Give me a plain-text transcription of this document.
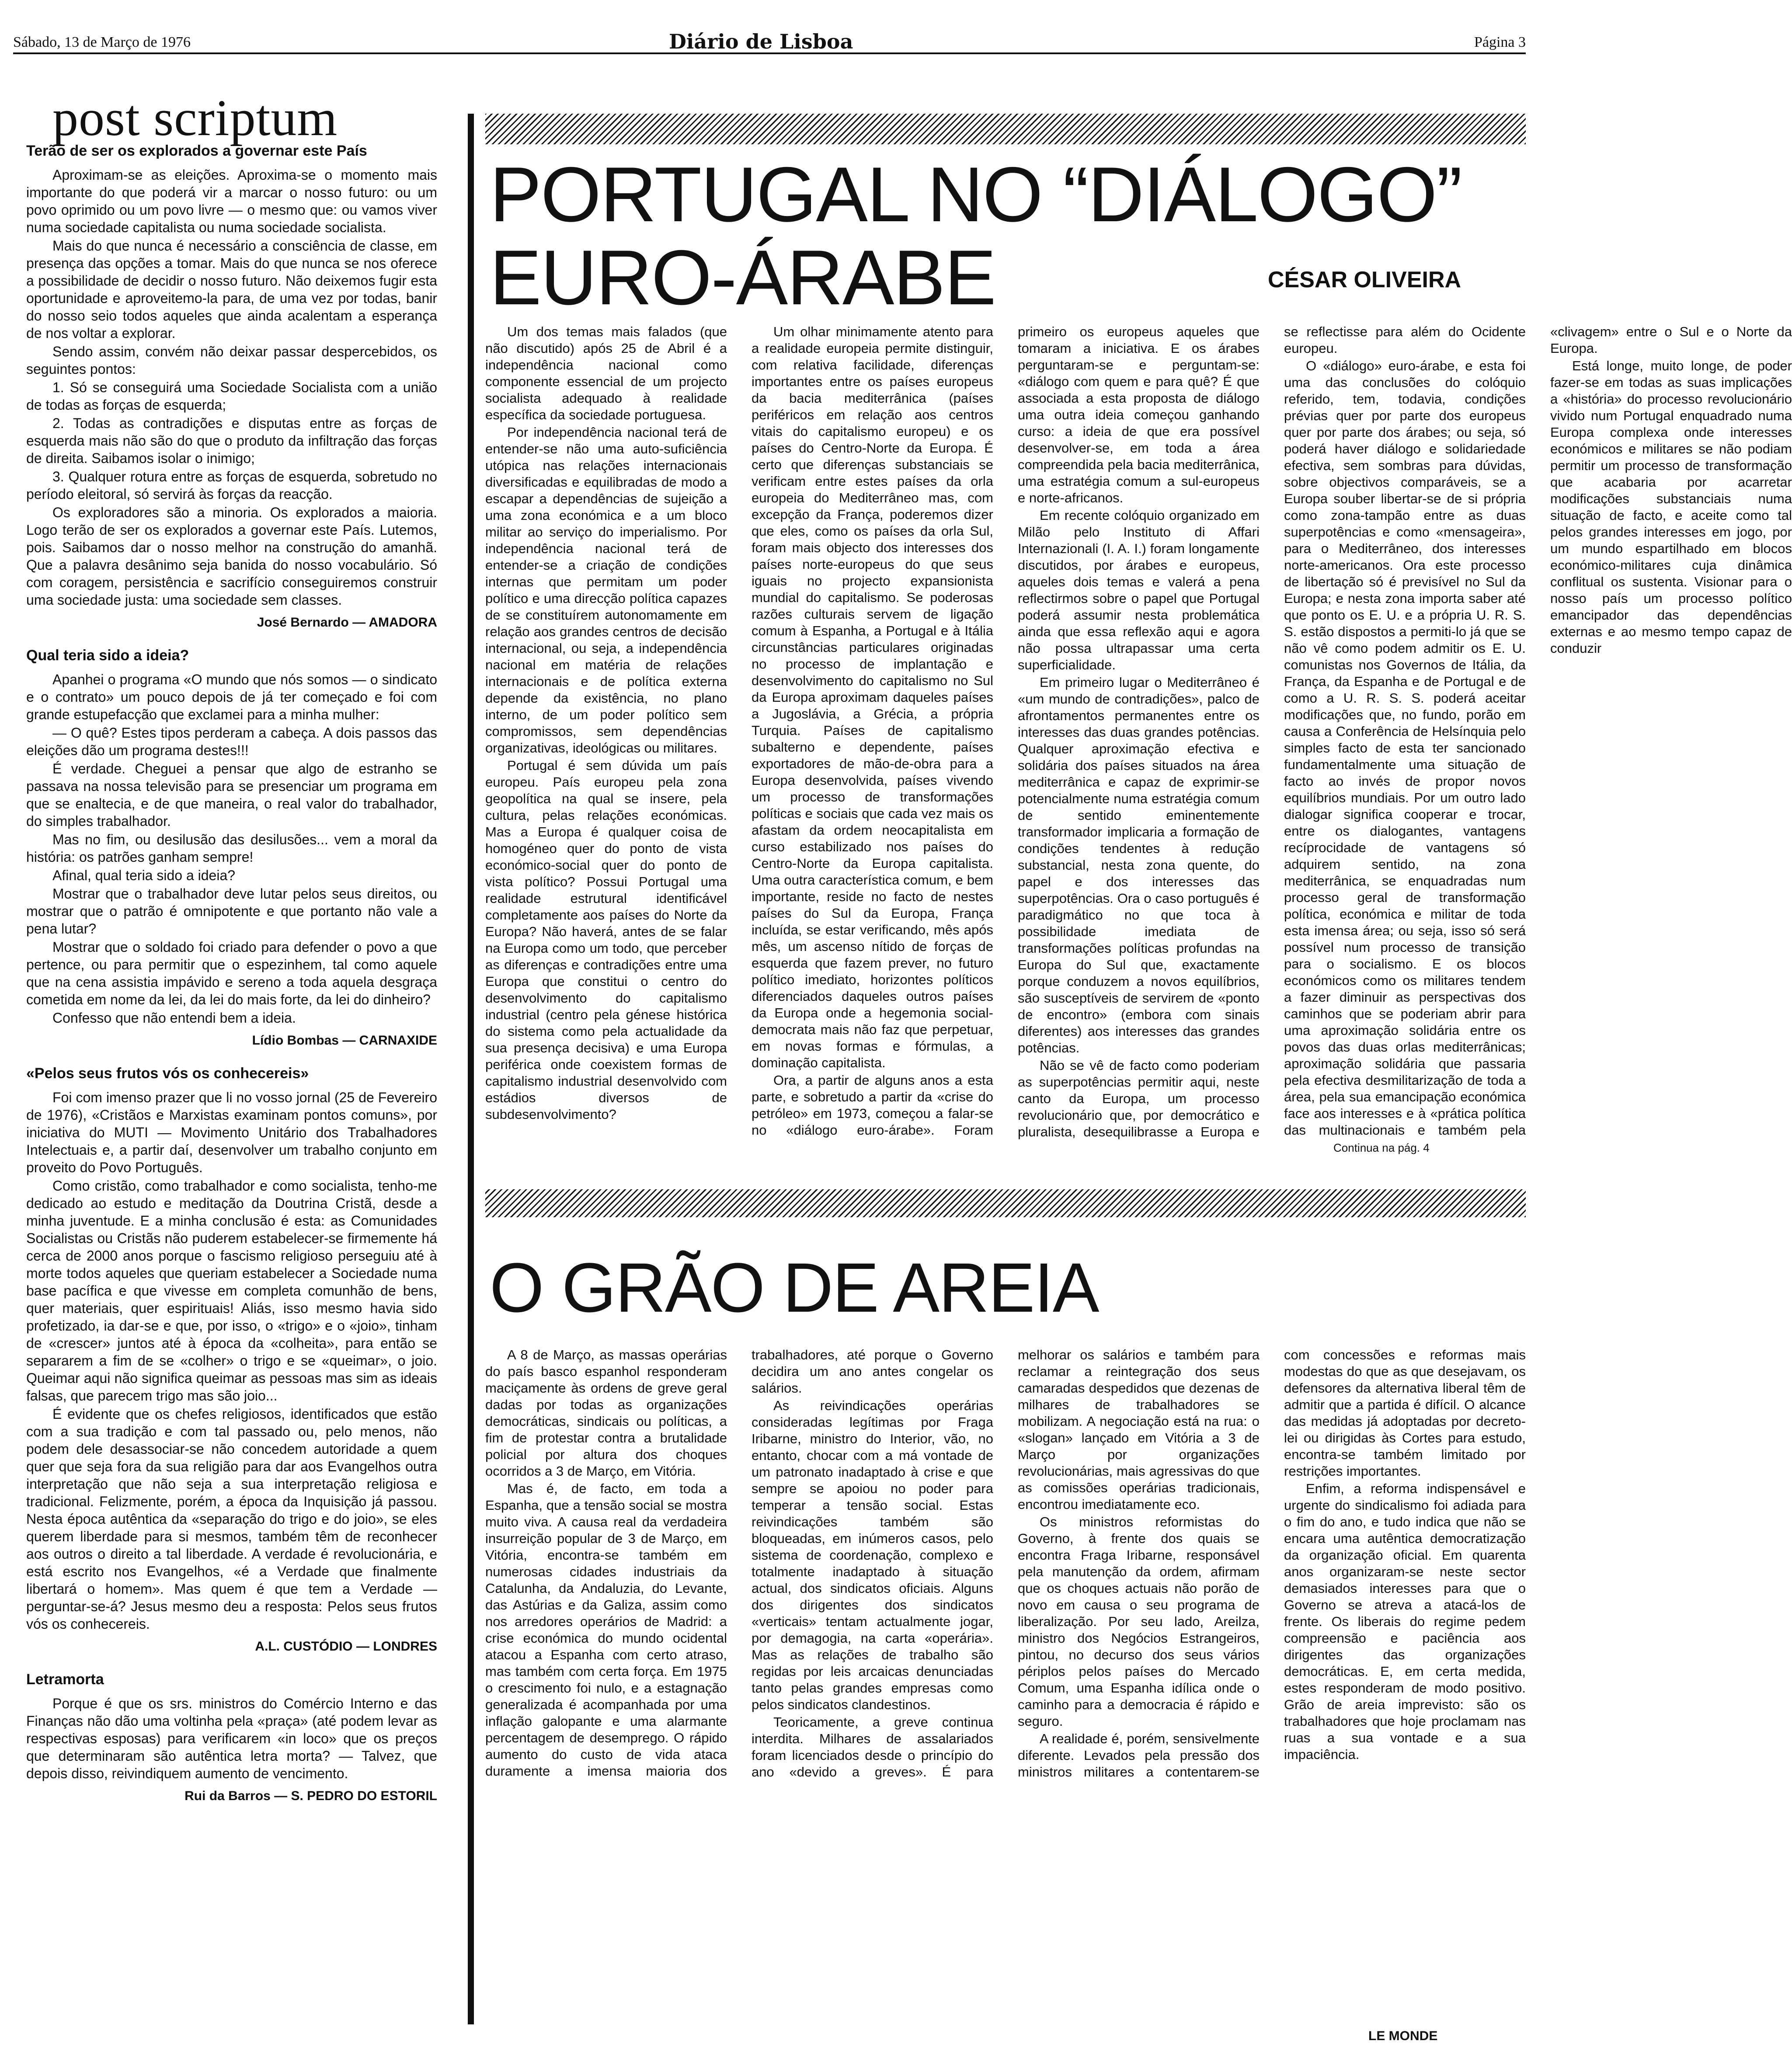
Sábado, 13 de Março de 1976	Diário de Lisboa	Página 3
post scriptum
Terão de ser os explorados a governar este País
Aproximam-se as eleições. Aproxima-se o momento mais importante do que poderá vir a marcar o nosso futuro: ou um povo oprimido ou um povo livre — o mesmo que: ou vamos viver numa sociedade capitalista ou numa sociedade socialista.
Mais do que nunca é necessário a consciência de classe, em presença das opções a tomar. Mais do que nunca se nos oferece a possibilidade de decidir o nosso futuro. Não deixemos fugir esta oportunidade e aproveitemo-la para, de uma vez por todas, banir do nosso seio todos aqueles que ainda acalentam a esperança de nos voltar a explorar.
Sendo assim, convém não deixar passar despercebidos, os seguintes pontos:
1. Só se conseguirá uma Sociedade Socialista com a união de todas as forças de esquerda;
2. Todas as contradições e disputas entre as forças de esquerda mais não são do que o produto da infiltração das forças de direita. Saibamos isolar o inimigo;
3. Qualquer rotura entre as forças de esquerda, sobretudo no período eleitoral, só servirá às forças da reacção.
Os exploradores são a minoria. Os explorados a maioria. Logo terão de ser os explorados a governar este País. Lutemos, pois. Saibamos dar o nosso melhor na construção do amanhã. Que a palavra desânimo seja banida do nosso vocabulário. Só com coragem, persistência e sacrifício conseguiremos construir uma sociedade justa: uma sociedade sem classes.
José Bernardo — AMADORA
Qual teria sido a ideia?
Apanhei o programa «O mundo que nós somos — o sindicato e o contrato» um pouco depois de já ter começado e foi com grande estupefacção que exclamei para a minha mulher:
— O quê? Estes tipos perderam a cabeça. A dois passos das eleições dão um programa destes!!!
É verdade. Cheguei a pensar que algo de estranho se passava na nossa televisão para se presenciar um programa em que se enaltecia, e de que maneira, o real valor do trabalhador, do simples trabalhador.
Mas no fim, ou desilusão das desilusões... vem a moral da história: os patrões ganham sempre!
Afinal, qual teria sido a ideia?
Mostrar que o trabalhador deve lutar pelos seus direitos, ou mostrar que o patrão é omnipotente e que portanto não vale a pena lutar?
Mostrar que o soldado foi criado para defender o povo a que pertence, ou para permitir que o espezinhem, tal como aquele que na cena assistia impávido e sereno a toda aquela desgraça cometida em nome da lei, da lei do mais forte, da lei do dinheiro?
Confesso que não entendi bem a ideia.
Lídio Bombas — CARNAXIDE
«Pelos seus frutos vós os conhecereis»
Foi com imenso prazer que li no vosso jornal (25 de Fevereiro de 1976), «Cristãos e Marxistas examinam pontos comuns», por iniciativa do MUTI — Movimento Unitário dos Trabalhadores Intelectuais e, a partir daí, desenvolver um trabalho conjunto em proveito do Povo Português.
Como cristão, como trabalhador e como socialista, tenho-me dedicado ao estudo e meditação da Doutrina Cristã, desde a minha juventude. E a minha conclusão é esta: as Comunidades Socialistas ou Cristãs não puderem estabelecer-se firmemente há cerca de 2000 anos porque o fascismo religioso perseguiu até à morte todos aqueles que queriam estabelecer a Sociedade numa base pacífica e que vivesse em completa comunhão de bens, quer materiais, quer espirituais! Aliás, isso mesmo havia sido profetizado, ia dar-se e que, por isso, o «trigo» e o «joio», tinham de «crescer» juntos até à época da «colheita», para então se separarem a fim de se «colher» o trigo e se «queimar», o joio. Queimar aqui não significa queimar as pessoas mas sim as ideais falsas, que parecem trigo mas são joio...
É evidente que os chefes religiosos, identificados que estão com a sua tradição e com tal passado ou, pelo menos, não podem dele desassociar-se não concedem autoridade a quem quer que seja fora da sua religião para dar aos Evangelhos outra interpretação que não seja a sua interpretação religiosa e tradicional. Felizmente, porém, a época da Inquisição já passou. Nesta época autêntica da «separação do trigo e do joio», se eles querem liberdade para si mesmos, também têm de reconhecer aos outros o direito a tal liberdade. A verdade é revolucionária, e está escrito nos Evangelhos, «é a Verdade que finalmente libertará o homem». Mas quem é que tem a Verdade — perguntar-se-á? Jesus mesmo deu a resposta: Pelos seus frutos vós os conhecereis.
A.L. CUSTÓDIO — LONDRES
Letramorta
Porque é que os srs. ministros do Comércio Interno e das Finanças não dão uma voltinha pela «praça» (até podem levar as respectivas esposas) para verificarem «in loco» que os preços que determinaram são autêntica letra morta? — Talvez, que depois disso, reivindiquem aumento de vencimento.
Rui da Barros — S. PEDRO DO ESTORIL
PORTUGAL NO “DIÁLOGO”
EURO-ÁRABE	CÉSAR OLIVEIRA
Um dos temas mais falados (que não discutido) após 25 de Abril é a independência nacional como componente essencial de um projecto socialista adequado à realidade específica da sociedade portuguesa.
Por independência nacional terá de entender-se não uma auto-suficiência utópica nas relações internacionais diversificadas e equilibradas de modo a escapar a dependências de sujeição a uma zona económica e a um bloco militar ao serviço do imperialismo. Por independência nacional terá de entender-se a criação de condições internas que permitam um poder político e uma direcção política capazes de se constituírem autonomamente em relação aos grandes centros de decisão internacional, ou seja, a independência nacional em matéria de relações internacionais e de política externa depende da existência, no plano interno, de um poder político sem compromissos, sem dependências organizativas, ideológicas ou militares.
Portugal é sem dúvida um país europeu. País europeu pela zona geopolítica na qual se insere, pela cultura, pelas relações económicas. Mas a Europa é qualquer coisa de homogéneo quer do ponto de vista económico-social quer do ponto de vista político? Possui Portugal uma realidade estrutural identificável completamente aos países do Norte da Europa? Não haverá, antes de se falar na Europa como um todo, que perceber as diferenças e contradições entre uma Europa que constitui o centro do desenvolvimento do capitalismo industrial (centro pela génese histórica do sistema como pela actualidade da sua presença decisiva) e uma Europa periférica onde coexistem formas de capitalismo industrial desenvolvido com estádios diversos de subdesenvolvimento?
Um olhar minimamente atento para a realidade europeia permite distinguir, com relativa facilidade, diferenças importantes entre os países europeus da bacia mediterrânica (países periféricos em relação aos centros vitais do capitalismo europeu) e os países do Centro-Norte da Europa. É certo que diferenças substanciais se verificam entre estes países da orla europeia do Mediterrâneo mas, com excepção da França, poderemos dizer que eles, como os países da orla Sul, foram mais objecto dos interesses dos países norte-europeus do que seus iguais no projecto expansionista mundial do capitalismo. Se poderosas razões culturais servem de ligação comum à Espanha, a Portugal e à Itália circunstâncias particulares originadas no processo de implantação e desenvolvimento do capitalismo no Sul da Europa aproximam daqueles países a Jugoslávia, a Grécia, a própria Turquia. Países de capitalismo subalterno e dependente, países exportadores de mão-de-obra para a Europa desenvolvida, países vivendo um processo de transformações políticas e sociais que cada vez mais os afastam da ordem neocapitalista em curso estabilizado nos países do Centro-Norte da Europa capitalista. Uma outra característica comum, e bem importante, reside no facto de nestes países do Sul da Europa, França incluída, se estar verificando, mês após mês, um ascenso nítido de forças de esquerda que fazem prever, no futuro político imediato, horizontes políticos diferenciados daqueles outros países da Europa onde a hegemonia social-democrata mais não faz que perpetuar, em novas formas e fórmulas, a dominação capitalista.
Ora, a partir de alguns anos a esta parte, e sobretudo a partir da «crise do petróleo» em 1973, começou a falar-se no «diálogo euro-árabe». Foram primeiro os europeus aqueles que tomaram a iniciativa. E os árabes perguntaram-se e perguntam-se: «diálogo com quem e para quê? É que associada a esta proposta de diálogo uma outra ideia começou ganhando curso: a ideia de que era possível desenvolver-se, em toda a área compreendida pela bacia mediterrânica, uma estratégia comum a sul-europeus e norte-africanos.
Em recente colóquio organizado em Milão pelo Instituto di Affari Internazionali (I. A. I.) foram longamente discutidos, por árabes e europeus, aqueles dois temas e valerá a pena reflectirmos sobre o papel que Portugal poderá assumir nesta problemática ainda que essa reflexão aqui e agora não possa ultrapassar uma certa superficialidade.
Em primeiro lugar o Mediterrâneo é «um mundo de contradições», palco de afrontamentos permanentes entre os interesses das duas grandes potências. Qualquer aproximação efectiva e solidária dos países situados na área mediterrânica e capaz de exprimir-se potencialmente numa estratégia comum de sentido eminentemente transformador implicaria a formação de condições tendentes à redução substancial, nesta zona quente, do papel e dos interesses das superpotências. Ora o caso português é paradigmático no que toca à possibilidade imediata de transformações políticas profundas na Europa do Sul que, exactamente porque conduzem a novos equilíbrios, são susceptíveis de servirem de «ponto de encontro» (embora com sinais diferentes) aos interesses das grandes potências.
Não se vê de facto como poderiam as superpotências permitir aqui, neste canto da Europa, um processo revolucionário que, por democrático e pluralista, desequilibrasse a Europa e se reflectisse para além do Ocidente europeu.
O «diálogo» euro-árabe, e esta foi uma das conclusões do colóquio referido, tem, todavia, condições prévias quer por parte dos europeus quer por parte dos árabes; ou seja, só poderá haver diálogo e solidariedade efectiva, sem sombras para dúvidas, sobre objectivos comparáveis, se a Europa souber libertar-se de si própria como zona-tampão entre as duas superpotências e como «mensageira», para o Mediterrâneo, dos interesses norte-americanos. Ora este processo de libertação só é previsível no Sul da Europa; e nesta zona importa saber até que ponto os E. U. e a própria U. R. S. S. estão dispostos a permiti-lo já que se não vê como podem admitir os E. U. comunistas nos Governos de Itália, da França, da Espanha e de Portugal e de como a U. R. S. S. poderá aceitar modificações que, no fundo, porão em causa a Conferência de Helsínquia pelo simples facto de esta ter sancionado fundamentalmente uma situação de facto ao invés de propor novos equilíbrios mundiais. Por um outro lado dialogar significa cooperar e trocar, entre os dialogantes, vantagens recíprocidade de vantagens só adquirem sentido, na zona mediterrânica, se enquadradas num processo geral de transformação política, económica e militar de toda esta imensa área; ou seja, isso só será possível num processo de transição para o socialismo. E os blocos económicos como os militares tendem a fazer diminuir as perspectivas dos caminhos que se poderiam abrir para uma aproximação solidária entre os povos das duas orlas mediterrânicas; aproximação solidária que passaria pela efectiva desmilitarização de toda a área, pela sua emancipação económica face aos interesses e à «prática política das multinacionais e também pela «clivagem» entre o Sul e o Norte da Europa.
Está longe, muito longe, de poder fazer-se em todas as suas implicações a «história» do processo revolucionário vivido num Portugal enquadrado numa Europa complexa onde interesses económicos e militares se não podiam permitir um processo de transformação que acabaria por acarretar modificações substanciais numa situação de facto, e aceite como tal pelos grandes interesses em jogo, por um mundo espartilhado em blocos económico-militares cuja dinâmica conflitual os sustenta. Visionar para o nosso país um processo político emancipador das dependências externas e ao mesmo tempo capaz de conduzir
Continua na pág. 4
O GRÃO DE AREIA
A 8 de Março, as massas operárias do país basco espanhol responderam maciçamente às ordens de greve geral dadas por todas as organizações democráticas, sindicais ou políticas, a fim de protestar contra a brutalidade policial por altura dos choques ocorridos a 3 de Março, em Vitória.
Mas é, de facto, em toda a Espanha, que a tensão social se mostra muito viva. A causa real da verdadeira insurreição popular de 3 de Março, em Vitória, encontra-se também em numerosas cidades industriais da Catalunha, da Andaluzia, do Levante, das Astúrias e da Galiza, assim como nos arredores operários de Madrid: a crise económica do mundo ocidental atacou a Espanha com certo atraso, mas também com certa força. Em 1975 o crescimento foi nulo, e a estagnação generalizada é acompanhada por uma inflação galopante e uma alarmante percentagem de desemprego. O rápido aumento do custo de vida ataca duramente a imensa maioria dos trabalhadores, até porque o Governo decidira um ano antes congelar os salários.
As reivindicações operárias consideradas legítimas por Fraga Iribarne, ministro do Interior, vão, no entanto, chocar com a má vontade de um patronato inadaptado à crise e que sempre se apoiou no poder para temperar a tensão social. Estas reivindicações também são bloqueadas, em inúmeros casos, pelo sistema de coordenação, complexo e totalmente inadaptado à situação actual, dos sindicatos oficiais. Alguns dos dirigentes dos sindicatos «verticais» tentam actualmente jogar, por demagogia, na carta «operária». Mas as relações de trabalho são regidas por leis arcaicas denunciadas tanto pelas grandes empresas como pelos sindicatos clandestinos.
Teoricamente, a greve continua interdita. Milhares de assalariados foram licenciados desde o princípio do ano «devido a greves». É para melhorar os salários e também para reclamar a reintegração dos seus camaradas despedidos que dezenas de milhares de trabalhadores se mobilizam. A negociação está na rua: o «slogan» lançado em Vitória a 3 de Março por organizações revolucionárias, mais agressivas do que as comissões operárias tradicionais, encontrou imediatamente eco.
Os ministros reformistas do Governo, à frente dos quais se encontra Fraga Iribarne, responsável pela manutenção da ordem, afirmam que os choques actuais não porão de novo em causa o seu programa de liberalização. Por seu lado, Areilza, ministro dos Negócios Estrangeiros, pintou, no decurso dos seus vários périplos pelos países do Mercado Comum, uma Espanha idílica onde o caminho para a democracia é rápido e seguro.
A realidade é, porém, sensivelmente diferente. Levados pela pressão dos ministros militares a contentarem-se com concessões e reformas mais modestas do que as que desejavam, os defensores da alternativa liberal têm de admitir que a partida é difícil. O alcance das medidas já adoptadas por decreto-lei ou dirigidas às Cortes para estudo, encontra-se também limitado por restrições importantes.
Enfim, a reforma indispensável e urgente do sindicalismo foi adiada para o fim do ano, e tudo indica que não se encara uma autêntica democratização da organização oficial. Em quarenta anos organizaram-se neste sector demasiados interesses para que o Governo se atreva a atacá-los de frente. Os liberais do regime pedem compreensão e paciência aos dirigentes das organizações democráticas. E, em certa medida, estes responderam de modo positivo. Grão de areia imprevisto: são os trabalhadores que hoje proclamam nas ruas a sua vontade e a sua impaciência.
LE MONDE
